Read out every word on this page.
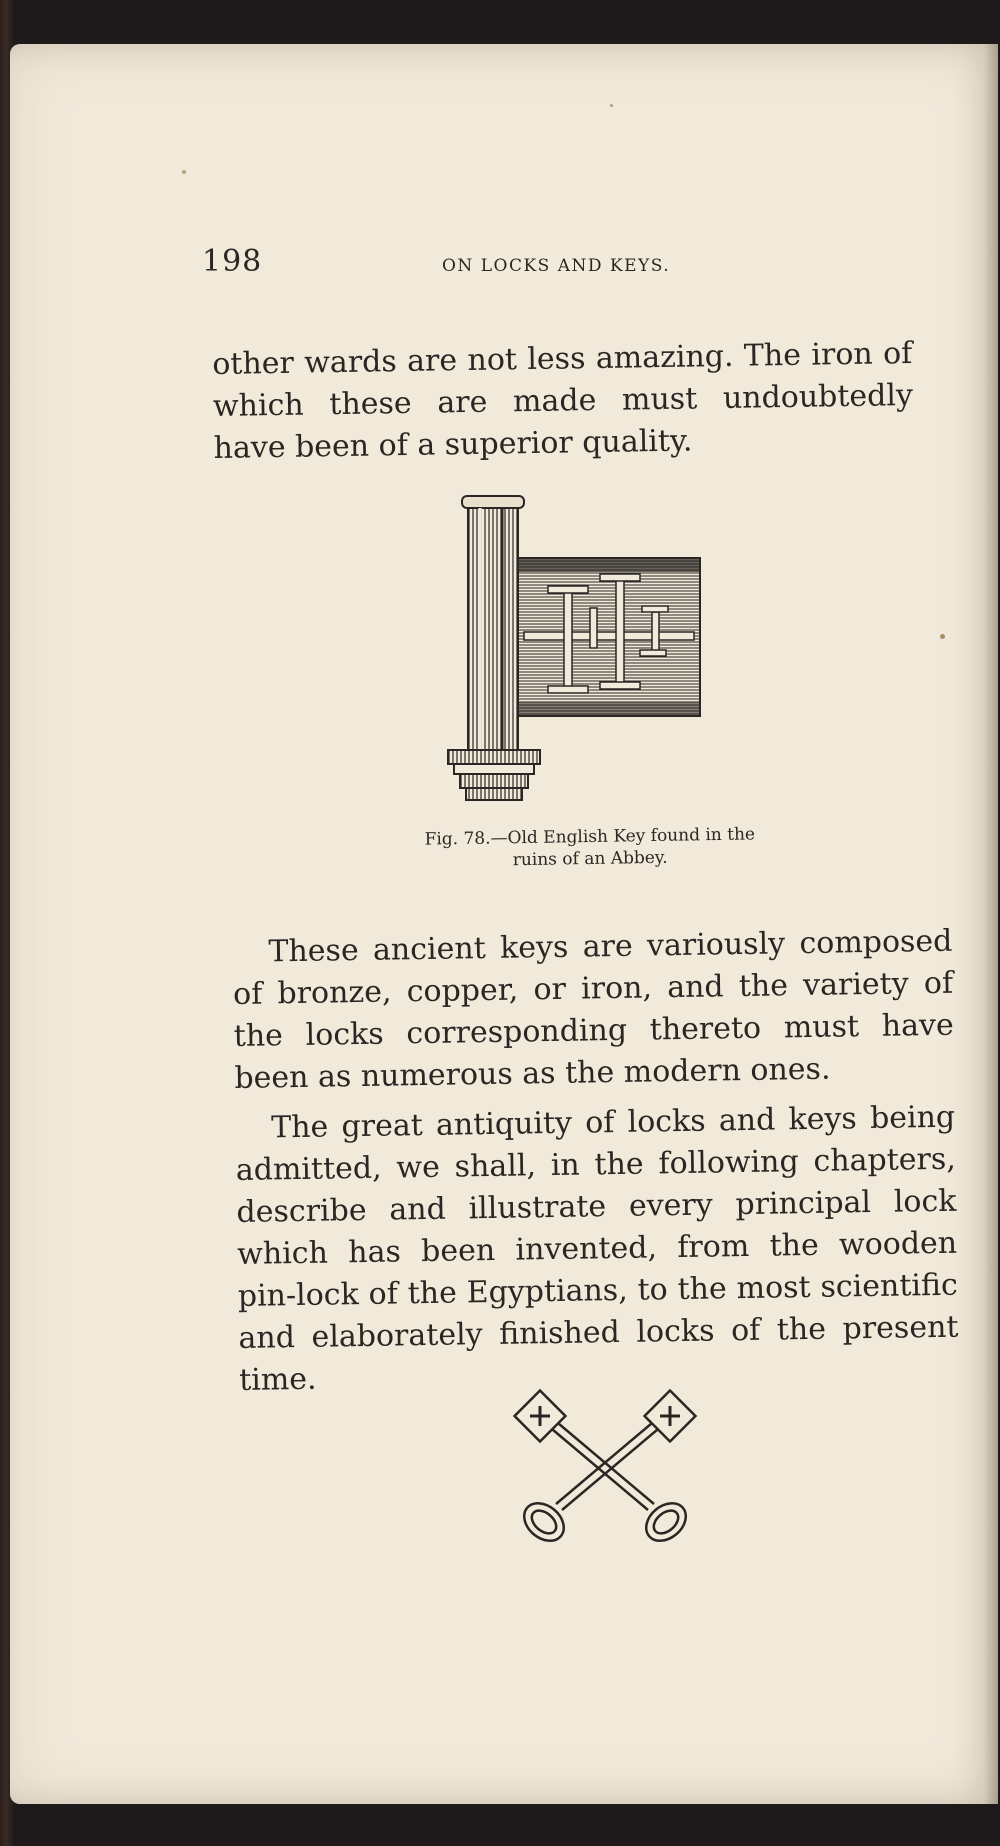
198	ON LOCKS AND KEYS.

other wards are not less amazing. The iron of which these are made must undoubtedly have been of a superior quality.

Fig. 78.—Old English Key found in the
ruins of an Abbey.

These ancient keys are variously composed of bronze, copper, or iron, and the variety of the locks corresponding thereto must have been as numerous as the modern ones.

The great antiquity of locks and keys being admitted, we shall, in the following chapters, describe and illustrate every principal lock which has been invented, from the wooden pin-lock of the Egyptians, to the most scientific and elaborately finished locks of the present time.
